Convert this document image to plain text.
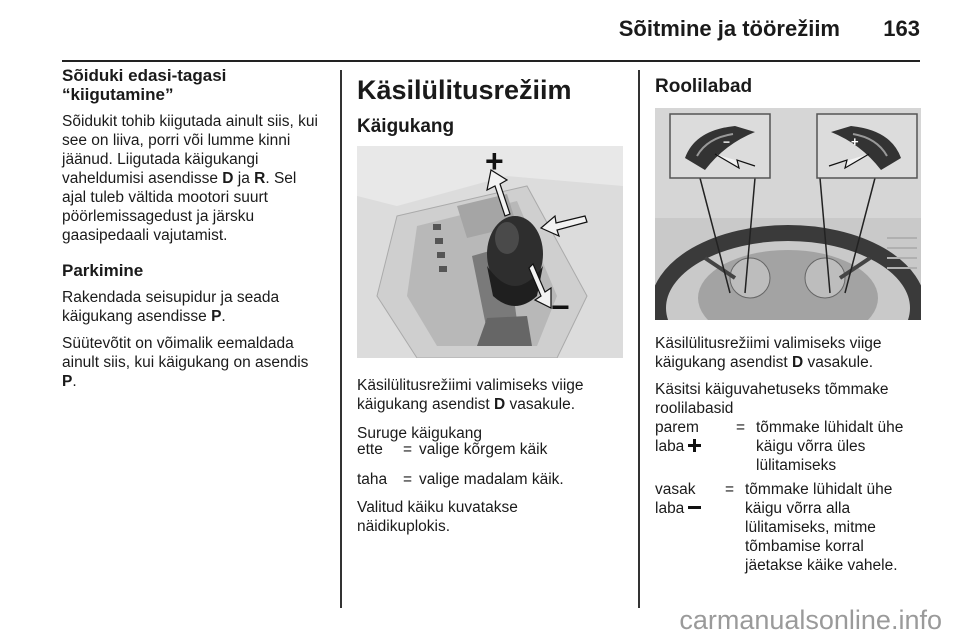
Sõitmine ja töörežiim 163

Sõiduki edasi-tagasi
“kiigutamine”

Sõidukit tohib kiigutada ainult siis, kui
see on liiva, porri või lumme kinni
jäänud. Liigutada käigukangi
vaheldumisi asendisse D ja R. Sel
ajal tuleb vältida mootori suurt
pöörlemissagedust ja järsku
gaasipedaali vajutamist.

Parkimine

Rakendada seisupidur ja seada
käigukang asendisse P.

Süütevõtit on võimalik eemaldada
ainult siis, kui käigukang on asendis
P.

Käsilülitusrežiim

Käigukang

+
−

Käsilülitusrežiimi valimiseks viige
käigukang asendist D vasakule.

Suruge käigukang

ette = valige kõrgem käik
taha = valige madalam käik.

Valitud käiku kuvatakse
näidikuplokis.

Roolilabad

−	+

Käsilülitusrežiimi valimiseks viige
käigukang asendist D vasakule.

Käsitsi käiguvahetuseks tõmmake
roolilabasid

parem
laba
= tõmmake lühidalt ühe
käigu võrra üles
lülitamiseks
vasak
laba
= tõmmake lühidalt ühe
käigu võrra alla
lülitamiseks, mitme
tõmbamise korral
jäetakse käike vahele.
carmanualsonline.info
